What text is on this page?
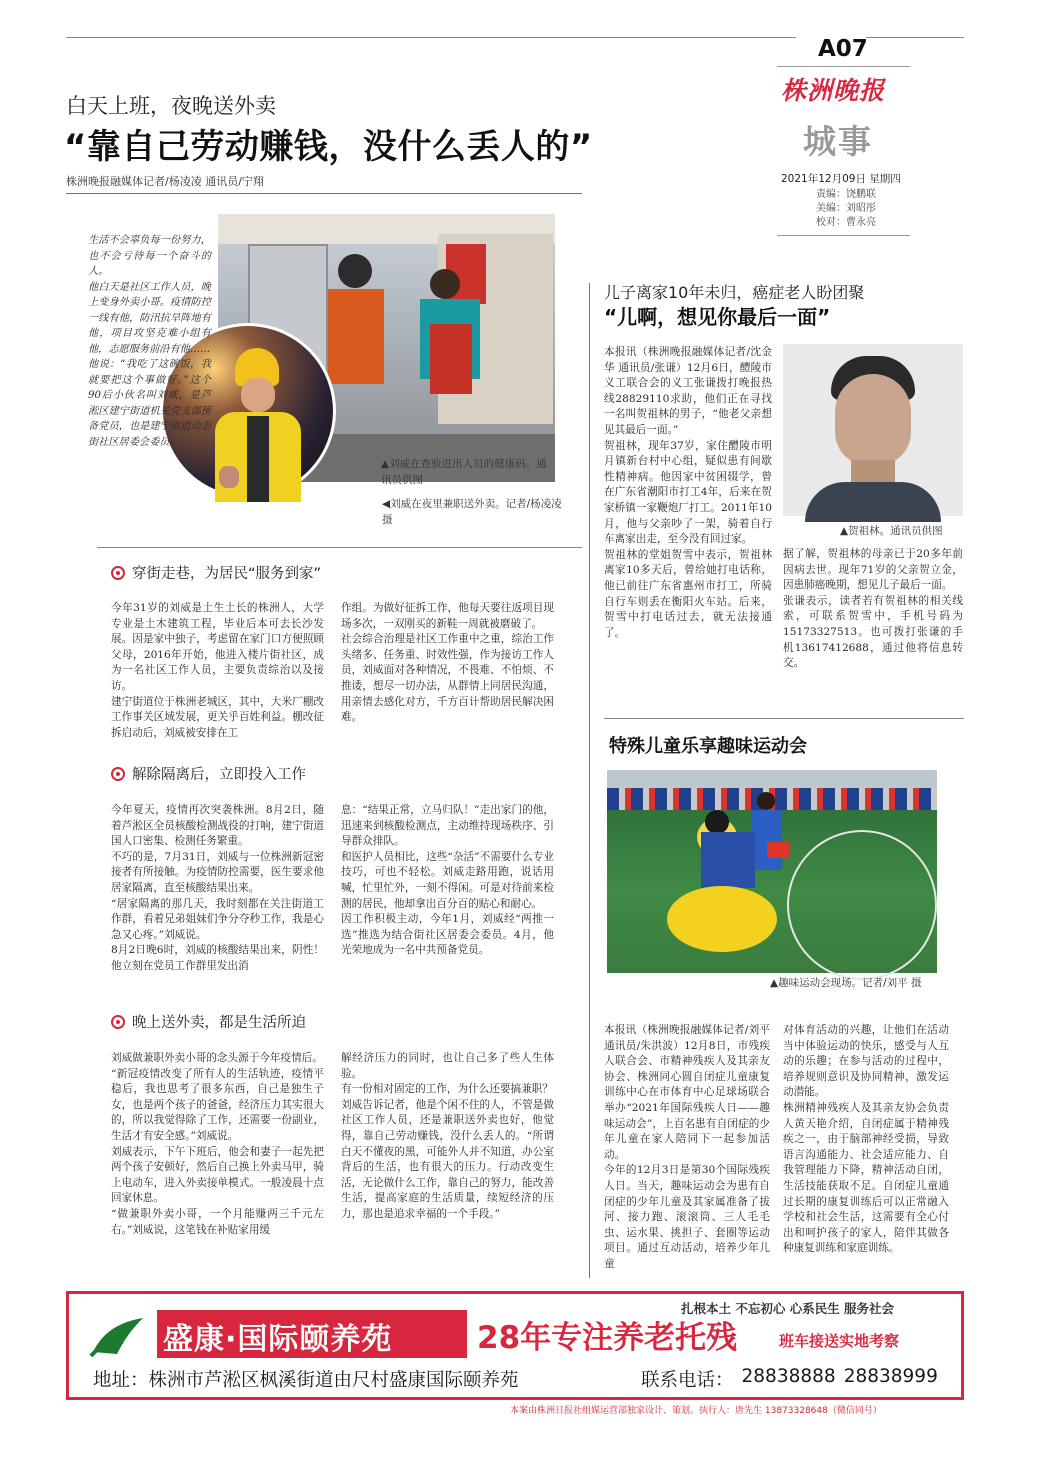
A07
株洲晚报
城事
2021年12月09日 星期四
责编：饶鹏联
美编：刘昭彤
校对：曹永亮
白天上班，夜晚送外卖
“靠自己劳动赚钱，没什么丢人的”
株洲晚报融媒体记者/杨凌凌 通讯员/宁翔
生活不会辜负每一份努力，也不会亏待每一个奋斗的人。
他白天是社区工作人员，晚上变身外卖小哥。疫情防控一线有他，防汛抗旱阵地有他，项目攻坚克难小组有他，志愿服务前沿有他……
他说：“我吃了这碗饭，我就要把这个事做好。”这个90后小伙名叫刘威，是芦淞区建宁街道机关党支部预备党员，也是建宁街道动态街社区居委会委员。
▲刘威在查验进出人员的健康码。通讯员供图
◀刘威在夜里兼职送外卖。记者/杨凌凌 摄
穿街走巷，为居民“服务到家”
今年31岁的刘威是土生土长的株洲人，大学专业是土木建筑工程，毕业后本可去长沙发展。因是家中独子，考虑留在家门口方便照顾父母，2016年开始，他进入楼片街社区，成为一名社区工作人员，主要负责综治以及接访。
建宁街道位于株洲老城区，其中，大米厂棚改工作事关区域发展，更关乎百姓利益。棚改征拆启动后，刘威被安排在工
作组。为做好征拆工作，他每天要往返项目现场多次，一双刚买的新鞋一周就被磨破了。
社会综合治理是社区工作重中之重，综治工作头绪多、任务重、时效性强，作为接访工作人员，刘威面对各种情况，不畏难、不怕烦、不推诿，想尽一切办法，从群情上同居民沟通，用亲情去感化对方，千方百计帮助居民解决困难。
解除隔离后，立即投入工作
今年夏天，疫情再次突袭株洲。8月2日，随着芦淞区全员核酸检测战役的打响，建宁街道国人口密集、检测任务繁重。
不巧的是，7月31日，刘威与一位株洲新冠密接者有所接触。为疫情防控需要，医生要求他居家隔离，直至核酸结果出来。
“居家隔离的那几天，我时刻都在关注街道工作群，看着兄弟姐妹们争分夺秒工作，我是心急又心疼。”刘威说。
8月2日晚6时，刘威的核酸结果出来，阴性！他立刻在党员工作群里发出消
息：“结果正常，立马归队！”走出家门的他，迅速来到核酸检测点，主动维持现场秩序、引导群众排队。
和医护人员相比，这些“杂活”不需要什么专业技巧，可也不轻松。刘威走路用跑，说话用喊，忙里忙外，一刻不得闲。可是对待前来检测的居民，他却拿出百分百的贴心和耐心。
因工作积极主动，今年1月，刘威经“两推一选”推选为结合街社区居委会委员。4月，他光荣地成为一名中共预备党员。
晚上送外卖，都是生活所迫
刘威做兼职外卖小哥的念头源于今年疫情后。
“新冠疫情改变了所有人的生活轨迹，疫情平稳后，我也思考了很多东西，自己是独生子女，也是两个孩子的爸爸，经济压力其实很大的，所以我觉得除了工作，还需要一份副业，生活才有安全感。”刘威说。
刘威表示，下午下班后，他会和妻子一起先把两个孩子安顿好，然后自己换上外卖马甲，骑上电动车，进入外卖接单模式。一般凌晨十点回家休息。
“做兼职外卖小哥，一个月能赚两三千元左右。”刘威说，这笔钱在补贴家用缓
解经济压力的同时，也让自己多了些人生体验。
有一份相对固定的工作，为什么还要搞兼职？
刘威告诉记者，他是个闲不住的人，不管是做社区工作人员，还是兼职送外卖也好，他觉得，靠自己劳动赚钱，没什么丢人的。“所谓白天不懂夜的黑，可能外人并不知道，办公室背后的生活，也有很大的压力。行动改变生活，无论做什么工作，靠自己的努力，能改善生活，提高家庭的生活质量，续短经济的压力，那也是追求幸福的一个手段。”
儿子离家10年未归，癌症老人盼团聚
“儿啊，想见你最后一面”
本报讯（株洲晚报融媒体记者/沈金华 通讯员/张谦）12月6日，醴陵市义工联合会的义工张谦拨打晚报热线28829110求助，他们正在寻找一名叫贺祖林的男子，“他老父亲想见其最后一面。”
贺祖林，现年37岁，家住醴陵市明月镇新台村中心组，疑似患有间歇性精神病。他因家中贫困辍学，曾在广东省潮阳市打工4年，后来在贺家桥镇一家鞭炮厂打工。2011年10月，他与父亲吵了一架，骑着自行车离家出走，至今没有回过家。
贺祖林的堂姐贺雪中表示，贺祖林离家10多天后，曾给她打电话称，他已前往广东省惠州市打工，所骑自行车则丢在衡阳火车站。后来，贺雪中打电话过去，就无法接通了。
▲贺祖林。通讯员供图
据了解，贺祖林的母亲已于20多年前因病去世。现年71岁的父亲贺立金，因患肺癌晚期，想见儿子最后一面。
张谦表示，读者若有贺祖林的相关线索，可联系贺雪中，手机号码为15173327513。也可拨打张谦的手机13617412688，通过他将信息转交。
特殊儿童乐享趣味运动会
▲趣味运动会现场。记者/刘平 摄
本报讯（株洲晚报融媒体记者/刘平 通讯员/朱洪波）12月8日，市残疾人联合会、市精神残疾人及其亲友协会、株洲同心圆自闭症儿童康复训练中心在市体育中心足球场联合举办“2021年国际残疾人日——趣味运动会”，上百名患有自闭症的少年儿童在家人陪同下一起参加活动。
今年的12月3日是第30个国际残疾人日。当天，趣味运动会为患有自闭症的少年儿童及其家属准备了拔河、接力跑、滚滚筒、三人毛毛虫、运水果、挑担子、套圈等运动项目。通过互动活动，培养少年儿童
对体育活动的兴趣，让他们在活动当中体验运动的快乐，感受与人互动的乐趣；在参与活动的过程中，培养规则意识及协同精神，激发运动潜能。
株洲精神残疾人及其亲友协会负责人黄天艳介绍，自闭症属于精神残疾之一，由于脑部神经受损，导致语言沟通能力、社会适应能力、自我管理能力下降，精神活动自闭，生活技能获取不足。自闭症儿童通过长期的康复训练后可以正常融入学校和社会生活，这需要有全心付出和呵护孩子的家人，陪伴其做各种康复训练和家庭训练。
盛康·国际颐养苑	28年专注养老托残	班车接送实地考察
扎根本土 不忘初心 心系民生 服务社会
地址：株洲市芦淞区枫溪街道由尺村盛康国际颐养苑	联系电话： 28838888 28838999
本案由株洲日报社组媒运营部独家设计、策划。执行人：唐先生 13873328648（微信同号）
